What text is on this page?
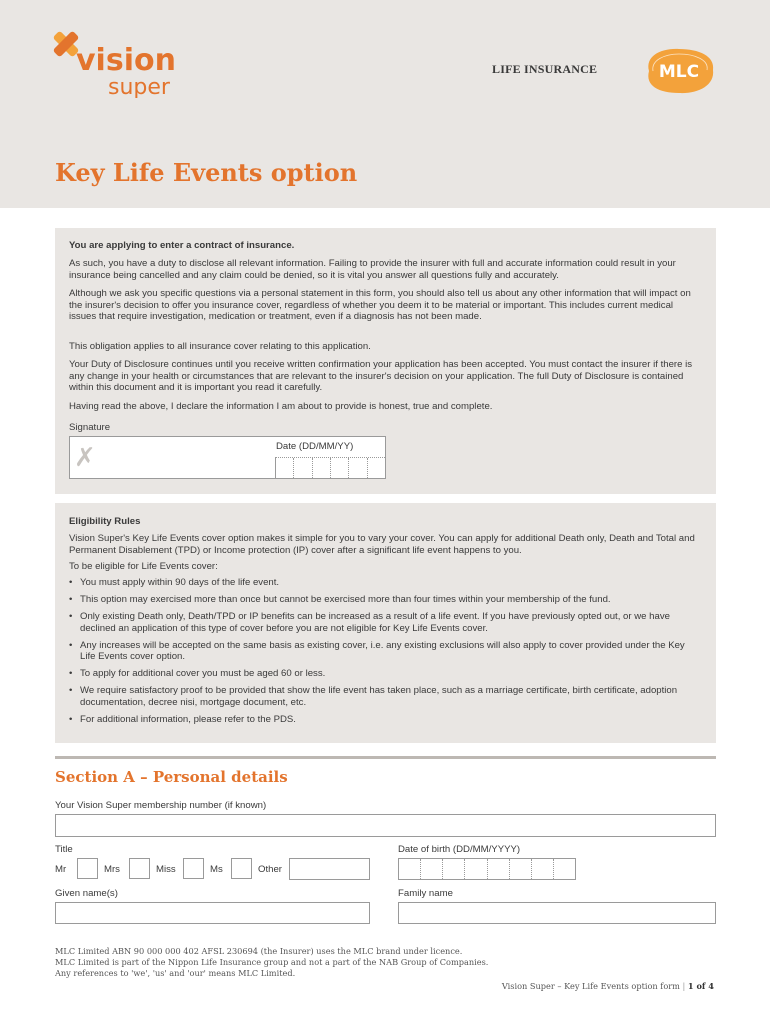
vision
super
LIFE INSURANCE	MLC
Key Life Events option

You are applying to enter a contract of insurance.

As such, you have a duty to disclose all relevant information. Failing to provide the insurer with full and accurate information could result in your insurance being cancelled and any claim could be denied, so it is vital you answer all questions fully and accurately.

Although we ask you specific questions via a personal statement in this form, you should also tell us about any other information that will impact on the insurer's decision to offer you insurance cover, regardless of whether you deem it to be material or important. This includes current medical issues that require investigation, medication or treatment, even if a diagnosis has not been made.

This obligation applies to all insurance cover relating to this application.

Your Duty of Disclosure continues until you receive written confirmation your application has been accepted. You must contact the insurer if there is any change in your health or circumstances that are relevant to the insurer's decision on your application. The full Duty of Disclosure is contained within this document and it is important you read it carefully.

Having read the above, I declare the information I am about to provide is honest, true and complete.

Signature
✗	Date (DD/MM/YY)

Eligibility Rules

Vision Super's Key Life Events cover option makes it simple for you to vary your cover. You can apply for additional Death only, Death and Total and Permanent Disablement (TPD) or Income protection (IP) cover after a significant life event happens to you.

To be eligible for Life Events cover:

• You must apply within 90 days of the life event.
• This option may exercised more than once but cannot be exercised more than four times within your membership of the fund.
• Only existing Death only, Death/TPD or IP benefits can be increased as a result of a life event. If you have previously opted out, or we have declined an application of this type of cover before you are not eligible for Key Life Events cover.
• Any increases will be accepted on the same basis as existing cover, i.e. any existing exclusions will also apply to cover provided under the Key Life Events cover option.
• To apply for additional cover you must be aged 60 or less.
• We require satisfactory proof to be provided that show the life event has taken place, such as a marriage certificate, birth certificate, adoption documentation, decree nisi, mortgage document, etc.
• For additional information, please refer to the PDS.
Section A – Personal details
Your Vision Super membership number (if known)
Title	Date of birth (DD/MM/YYYY)
Mr	Mrs	Miss	Ms	Other
Given name(s)	Family name
MLC Limited ABN 90 000 000 402 AFSL 230694 (the Insurer) uses the MLC brand under licence.
MLC Limited is part of the Nippon Life Insurance group and not a part of the NAB Group of Companies.
Any references to 'we', 'us' and 'our' means MLC Limited.
Vision Super – Key Life Events option form | 1 of 4
